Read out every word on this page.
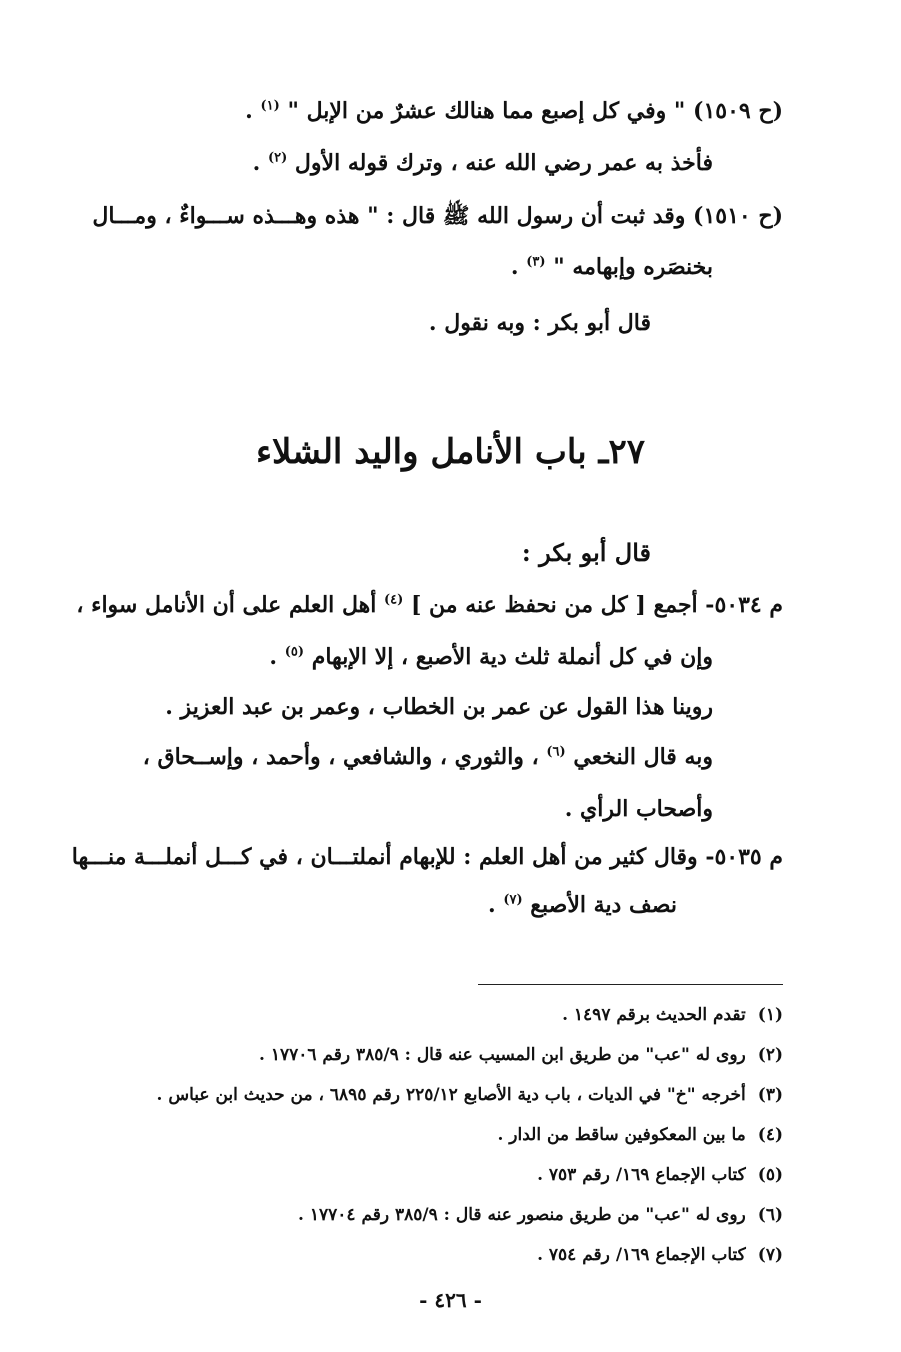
(ح ١٥٠٩) " وفي كل إصبع مما هنالك عشرٌ من الإبل " $^{(١)}$ .
فأخذ به عمر رضي الله عنه ، وترك قوله الأول $^{(٢)}$ .
(ح ١٥١٠) وقد ثبت أن رسول الله ﷺ قال : " هذه وهـــذه ســـواءٌ ، ومـــال
بخنصَره وإبهامه " $^{(٣)}$ .
قال أبو بكر : وبه نقول .
٢٧ـ باب الأنامل واليد الشلاء
قال أبو بكر :
م ٥٠٣٤- أجمع [ كل من نحفظ عنه من ] $^{(٤)}$ أهل العلم على أن الأنامل سواء ،
وإن في كل أنملة ثلث دية الأصبع ، إلا الإبهام $^{(٥)}$ .
روينا هذا القول عن عمر بن الخطاب ، وعمر بن عبد العزيز .
وبه قال النخعي $^{(٦)}$ ، والثوري ، والشافعي ، وأحمد ، وإســحاق ،
وأصحاب الرأي .
م ٥٠٣٥- وقال كثير من أهل العلم : للإبهام أنملتـــان ، في كـــل أنملـــة منـــها
نصف دية الأصبع $^{(٧)}$ .
(١)تقدم الحديث برقم ١٤٩٧ .
(٢)روى له "عب" من طريق ابن المسيب عنه قال : ٣٨٥/٩ رقم ١٧٧٠٦ .
(٣)أخرجه "خ" في الديات ، باب دية الأصابع ٢٢٥/١٢ رقم ٦٨٩٥ ، من حديث ابن عباس .
(٤)ما بين المعكوفين ساقط من الدار .
(٥)كتاب الإجماع ١٦٩/ رقم ٧٥٣ .
(٦)روى له "عب" من طريق منصور عنه قال : ٣٨٥/٩ رقم ١٧٧٠٤ .
(٧)كتاب الإجماع ١٦٩/ رقم ٧٥٤ .
- ٤٢٦ -
